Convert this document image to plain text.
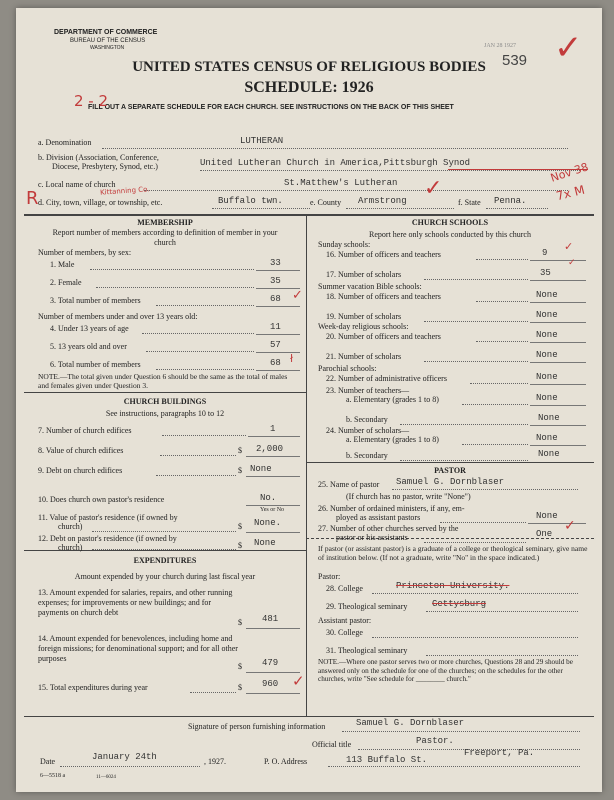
DEPARTMENT OF COMMERCE
BUREAU OF THE CENSUS
WASHINGTON	JAN 28 1927
539 ✓
UNITED STATES CENSUS OF RELIGIOUS BODIES
SCHEDULE: 1926
FILL OUT A SEPARATE SCHEDULE FOR EACH CHURCH. SEE INSTRUCTIONS ON THE BACK OF THIS SHEET
2 - 2
a. Denomination	LUTHERAN
b. Division (Association, Conference,
Diocese, Presbytery, Synod, etc.)	United Lutheran Church in America,Pittsburgh Synod
c. Local name of church	St.Matthew's Lutheran	Nov 38
R	Kittanning Co.
d. City, town, village, or township, etc.	Buffalo twn.	e. County Armstrong ✓
f. State Penna. 7x M
MEMBERSHIP
Report number of members according to definition of member in your church
Number of members, by sex:
1. Male	33
2. Female	35
3. Total number of members	68 ✓
Number of members under and over 13 years old:
4. Under 13 years of age	11
5. 13 years old and over	57
6. Total number of members	68 ł
NOTE.—The total given under Question 6 should be the same as the total of males and females given under Question 3.
CHURCH BUILDINGS
See instructions, paragraphs 10 to 12
7. Number of church edifices	1
8. Value of church edifices	$ 2,000
9. Debt on church edifices	$ None
10. Does church own pastor's residence	No.
Yes or No
11. Value of pastor's residence (if owned by
church)	$ None.
12. Debt on pastor's residence (if owned by
church)	$ None
EXPENDITURES
Amount expended by your church during last fiscal year
13. Amount expended for salaries, repairs, and other running expenses; for improvements or new buildings; and for payments on church debt
$ 481
14. Amount expended for benevolences, including home and foreign missions; for denominational support; and for all other purposes
$ 479
15. Total expenditures during year	$ 960 ✓
CHURCH SCHOOLS
Report here only schools conducted by this church
Sunday schools:
16. Number of officers and teachers	9 ✓
17. Number of scholars	35
✓
Summer vacation Bible schools:
18. Number of officers and teachers	None
19. Number of scholars	None
Week-day religious schools:
20. Number of officers and teachers	None
21. Number of scholars	None
Parochial schools:
22. Number of administrative officers	None
23. Number of teachers—
a. Elementary (grades 1 to 8)	None
b. Secondary	None
24. Number of scholars—
a. Elementary (grades 1 to 8)	None
b. Secondary	None
PASTOR
25. Name of pastor Samuel G. Dornblaser
(If church has no pastor, write "None")
26. Number of ordained ministers, if any, em-
ployed as assistant pastors	None
27. Number of other churches served by the
pastor or his assistants	One ✓
If pastor (or assistant pastor) is a graduate of a college or theological seminary, give name of institution below. (If not a graduate, write "No" in the space indicated.)
Pastor:
28. College	Princeton University.
29. Theological seminary	Gettysburg
Assistant pastor:
30. College
31. Theological seminary
NOTE.—Where one pastor serves two or more churches, Questions 28 and 29 should be answered only on the schedule for one of the churches; on the schedules for the other churches, write "See schedule for ________ church."
Signature of person furnishing information	Samuel G. Dornblaser
Official title	Pastor.
Date	January 24th	, 1927.	P. O. Address	113 Buffalo St.
Freeport, Pa.
6—5518 a	11—6024
